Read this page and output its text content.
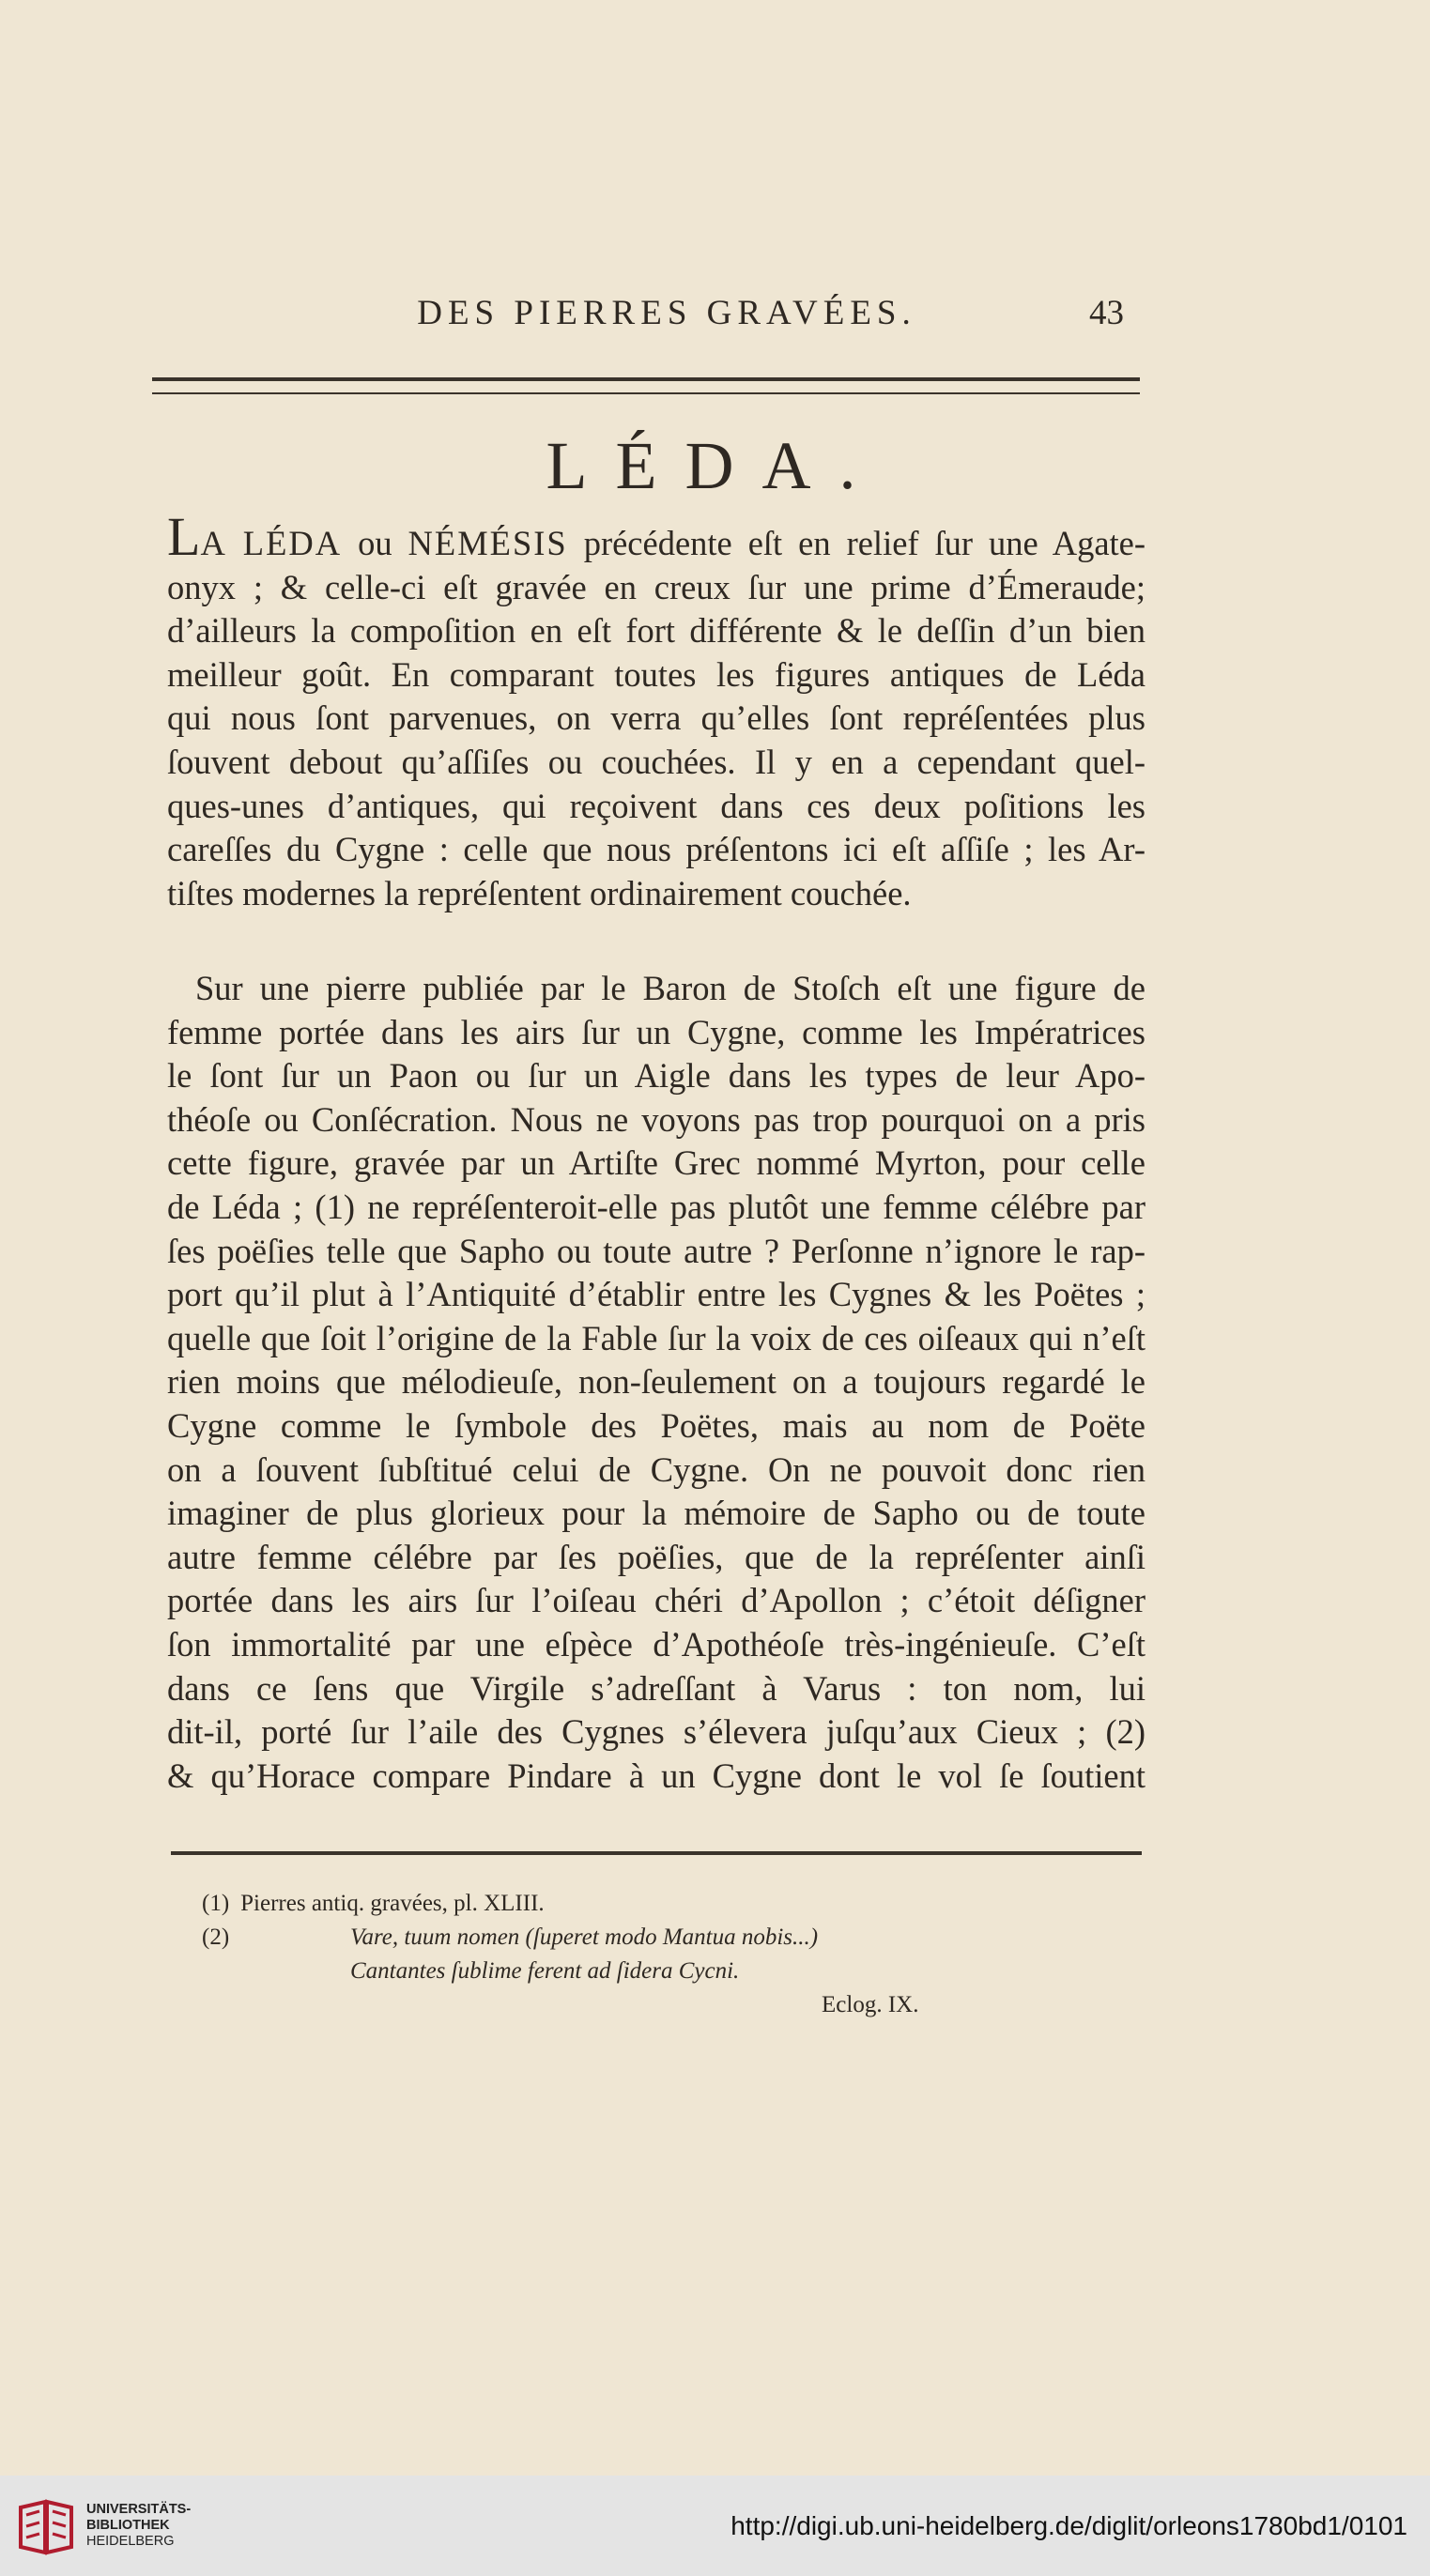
DES PIERRES GRAVÉES.	43
LÉDA.
LA LÉDA ou NÉMÉSIS précédente eſt en relief ſur une Agate-
onyx ; & celle-ci eſt gravée en creux ſur une prime d’Émeraude;
d’ailleurs la compoſition en eſt fort différente & le deſſin d’un bien
meilleur goût. En comparant toutes les figures antiques de Léda
qui nous ſont parvenues, on verra qu’elles ſont repréſentées plus
ſouvent debout qu’aſſiſes ou couchées. Il y en a cependant quel-
ques-unes d’antiques, qui reçoivent dans ces deux poſitions les
careſſes du Cygne : celle que nous préſentons ici eſt aſſiſe ; les Ar-
tiſtes modernes la repréſentent ordinairement couchée.
Sur une pierre publiée par le Baron de Stoſch eſt une figure de
femme portée dans les airs ſur un Cygne, comme les Impératrices
le ſont ſur un Paon ou ſur un Aigle dans les types de leur Apo-
théoſe ou Conſécration. Nous ne voyons pas trop pourquoi on a pris
cette figure, gravée par un Artiſte Grec nommé Myrton, pour celle
de Léda ; (1) ne repréſenteroit-elle pas plutôt une femme célébre par
ſes poëſies telle que Sapho ou toute autre ? Perſonne n’ignore le rap-
port qu’il plut à l’Antiquité d’établir entre les Cygnes & les Poëtes ;
quelle que ſoit l’origine de la Fable ſur la voix de ces oiſeaux qui n’eſt
rien moins que mélodieuſe, non-ſeulement on a toujours regardé le
Cygne comme le ſymbole des Poëtes, mais au nom de Poëte
on a ſouvent ſubſtitué celui de Cygne. On ne pouvoit donc rien
imaginer de plus glorieux pour la mémoire de Sapho ou de toute
autre femme célébre par ſes poëſies, que de la repréſenter ainſi
portée dans les airs ſur l’oiſeau chéri d’Apollon ; c’étoit déſigner
ſon immortalité par une eſpèce d’Apothéoſe très-ingénieuſe. C’eſt
dans ce ſens que Virgile s’adreſſant à Varus : ton nom, lui
dit-il, porté ſur l’aile des Cygnes s’élevera juſqu’aux Cieux ; (2)
& qu’Horace compare Pindare à un Cygne dont le vol ſe ſoutient
(1) Pierres antiq. gravées, pl. XLIII.
(2)	Vare, tuum nomen (ſuperet modo Mantua nobis...)
Cantantes ſublime ferent ad ſidera Cycni.
Eclog. IX.
UNIVERSITÄTS-
BIBLIOTHEK
HEIDELBERG
http://digi.ub.uni-heidelberg.de/diglit/orleons1780bd1/0101
